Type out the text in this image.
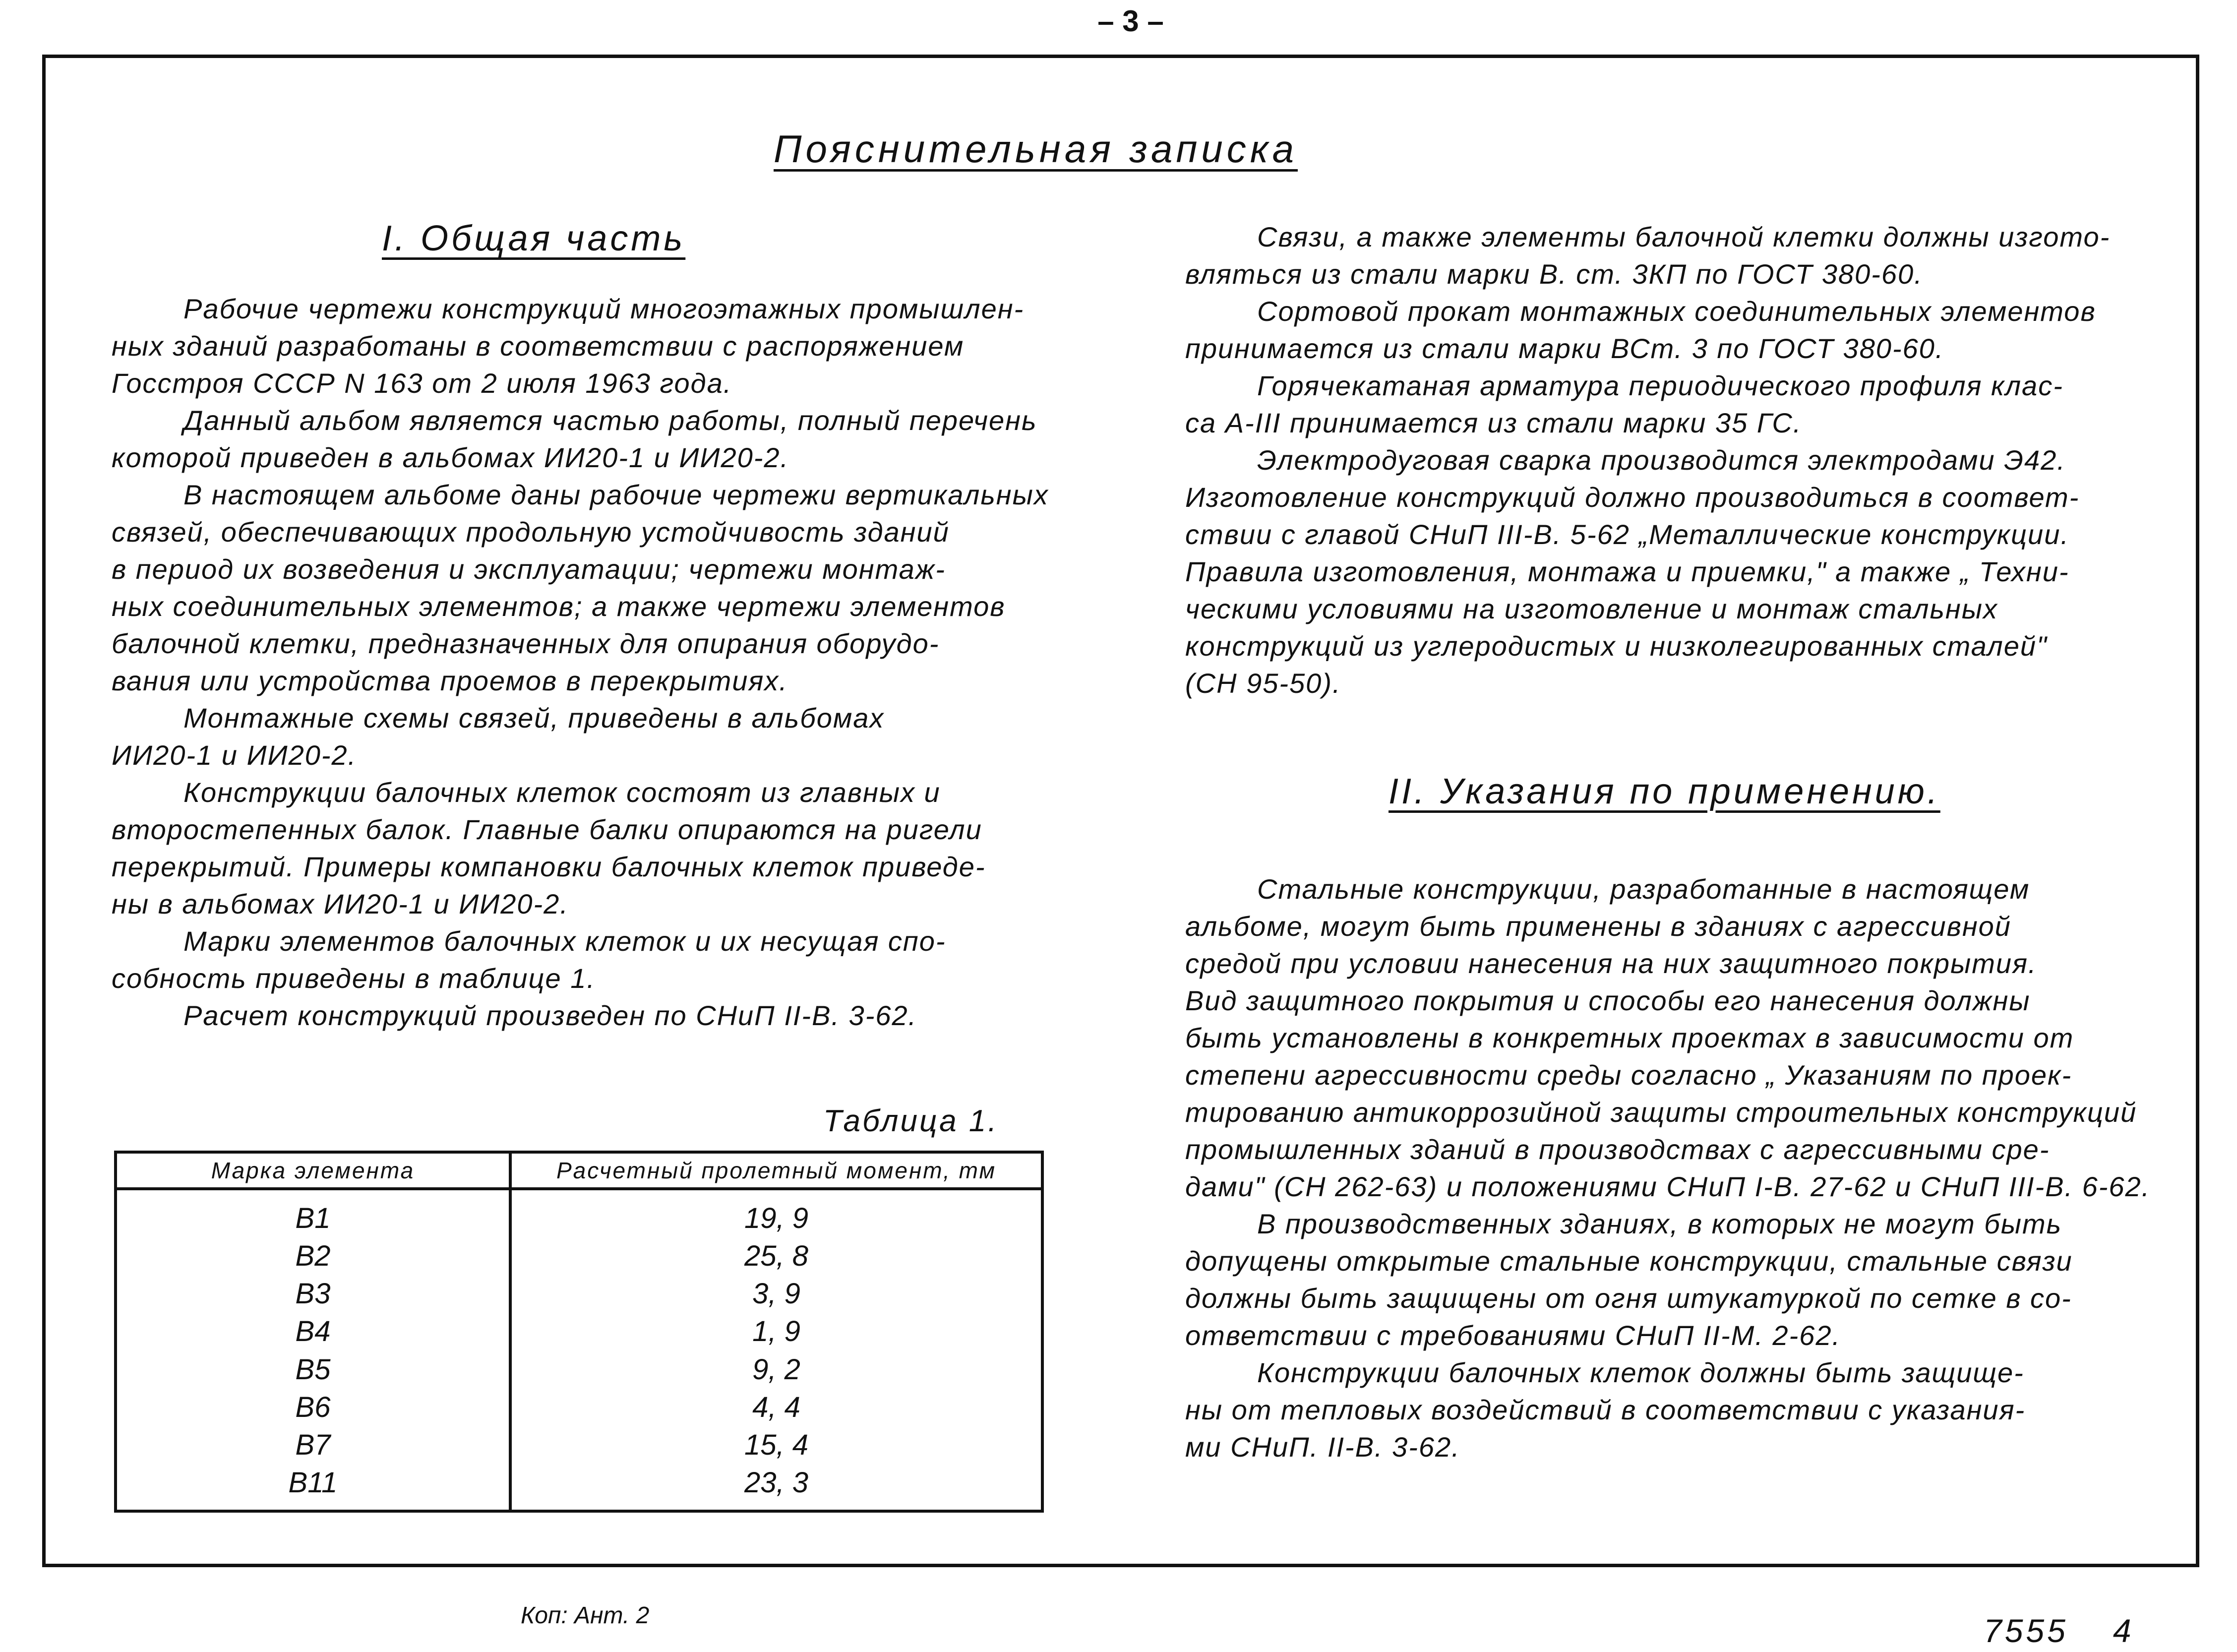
– 3 –
Пояснительная записка
I. Общая часть
Рабочие чертежи конструкций многоэтажных промышлен-
ных зданий разработаны в соответствии с распоряжением
Госстроя СССР N 163 от 2 июля 1963 года.
Данный альбом является частью работы, полный перечень
которой приведен в альбомах ИИ20-1 и ИИ20-2.
В настоящем альбоме даны рабочие чертежи вертикальных
связей, обеспечивающих продольную устойчивость зданий
в период их возведения и эксплуатации; чертежи монтаж-
ных соединительных элементов; а также чертежи элементов
балочной клетки, предназначенных для опирания оборудо-
вания или устройства проемов в перекрытиях.
Монтажные схемы связей, приведены в альбомах
ИИ20-1 и ИИ20-2.
Конструкции балочных клеток состоят из главных и
второстепенных балок. Главные балки опираются на ригели
перекрытий. Примеры компановки балочных клеток приведе-
ны в альбомах ИИ20-1 и ИИ20-2.
Марки элементов балочных клеток и их несущая спо-
собность приведены в таблице 1.
Расчет конструкций произведен по СНиП II-В. 3-62.
Таблица 1.
Марка элемента	Расчетный пролетный момент, тм
В1	19, 9
В2	25, 8
В3	3, 9
В4	1, 9
В5	9, 2
В6	4, 4
В7	15, 4
В11	23, 3
Связи, а также элементы балочной клетки должны изгото-
вляться из стали марки В. ст. 3КП по ГОСТ 380-60.
Сортовой прокат монтажных соединительных элементов
принимается из стали марки ВСт. 3 по ГОСТ 380-60.
Горячекатаная арматура периодического профиля клас-
са А-III принимается из стали марки 35 ГС.
Электродуговая сварка производится электродами Э42.
Изготовление конструкций должно производиться в соответ-
ствии с главой СНиП III-В. 5-62 „Металлические конструкции.
Правила изготовления, монтажа и приемки," а также „ Техни-
ческими условиями на изготовление и монтаж стальных
конструкций из углеродистых и низколегированных сталей"
(СН 95-50).
II. Указания по применению.
Стальные конструкции, разработанные в настоящем
альбоме, могут быть применены в зданиях с агрессивной
средой при условии нанесения на них защитного покрытия.
Вид защитного покрытия и способы его нанесения должны
быть установлены в конкретных проектах в зависимости от
степени агрессивности среды согласно „ Указаниям по проек-
тированию антикоррозийной защиты строительных конструкций
промышленных зданий в производствах с агрессивными сре-
дами" (СН 262-63) и положениями СНиП I-В. 27-62 и СНиП III-В. 6-62.
В производственных зданиях, в которых не могут быть
допущены открытые стальные конструкции, стальные связи
должны быть защищены от огня штукатуркой по сетке в со-
ответствии с требованиями СНиП II-М. 2-62.
Конструкции балочных клеток должны быть защище-
ны от тепловых воздействий в соответствии с указания-
ми СНиП. II-В. 3-62.
Коп: Ант. 2	7555 4
